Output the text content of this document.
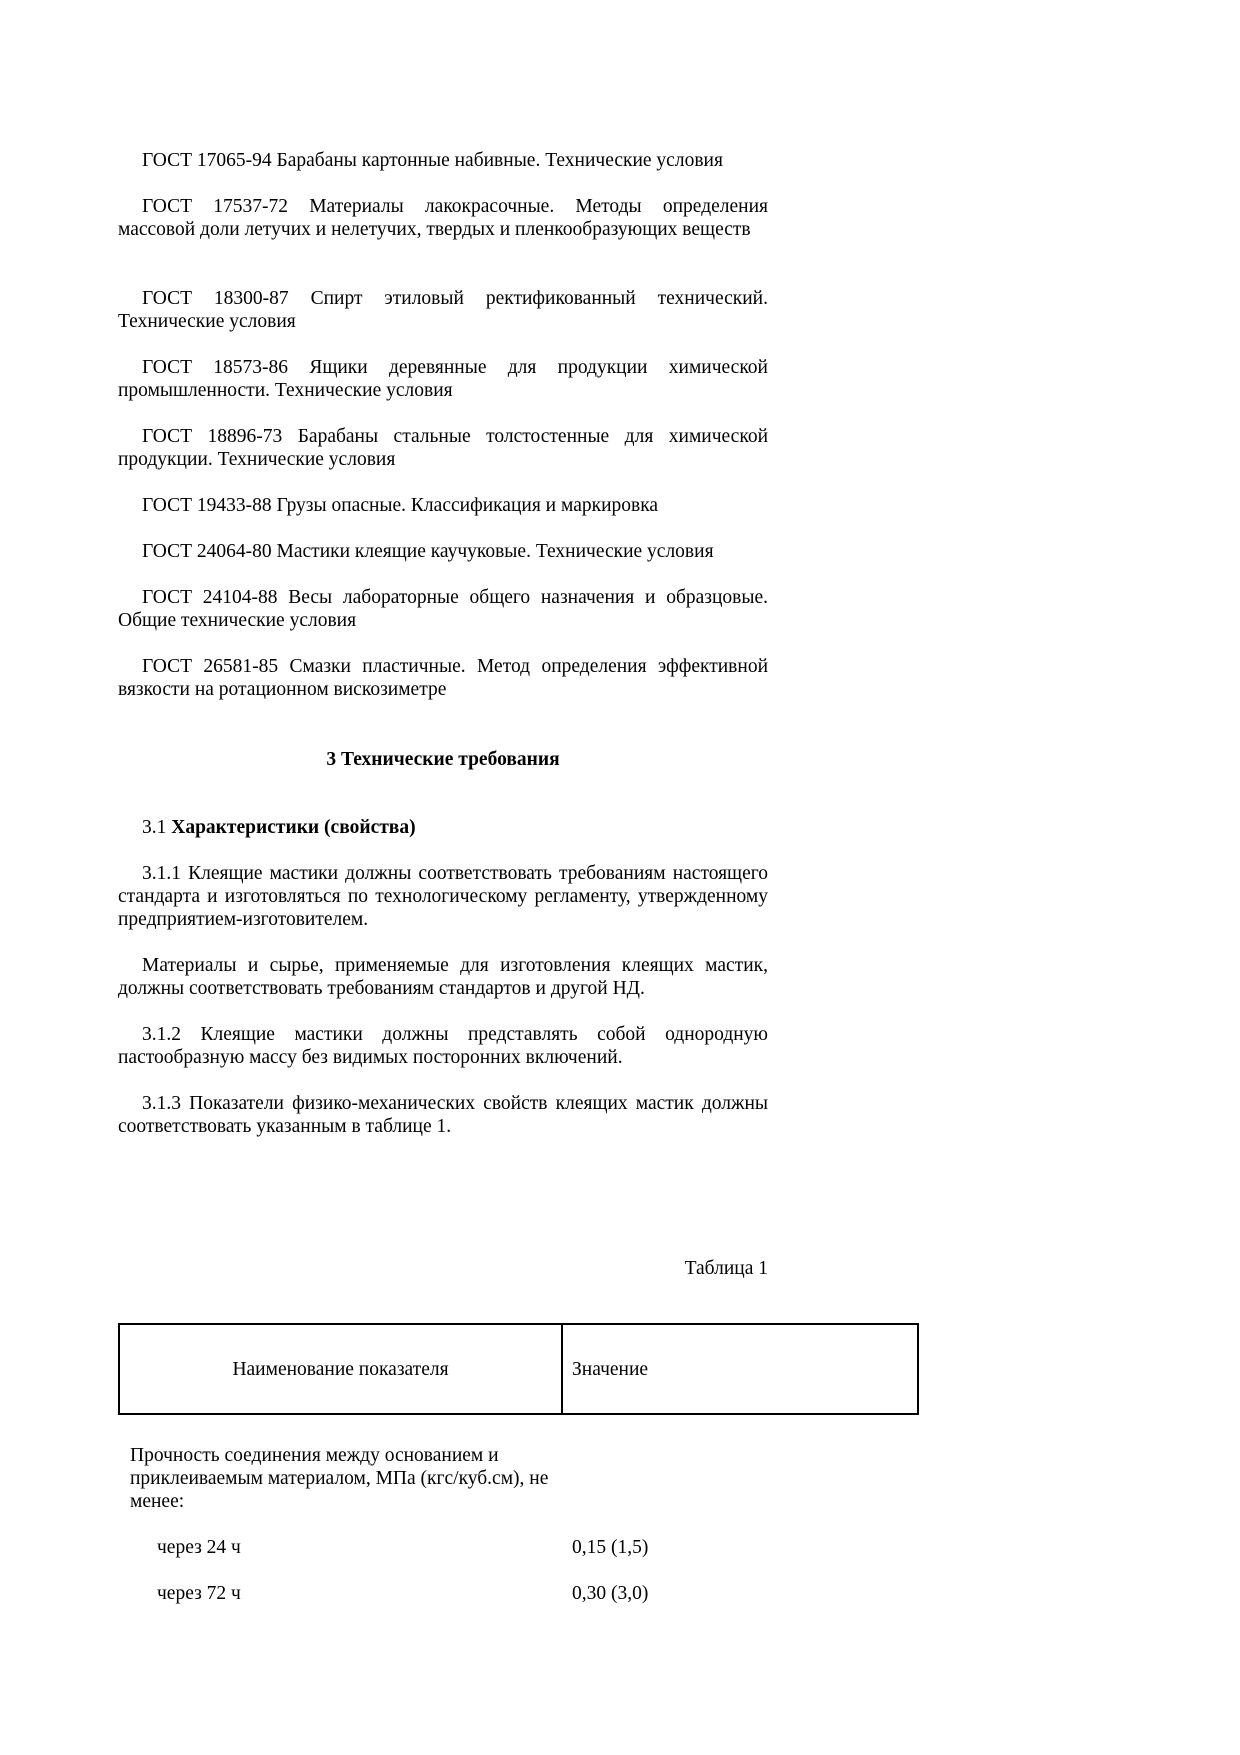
ГОСТ 17065-94 Барабаны картонные набивные. Технические условия

ГОСТ 17537-72 Материалы лакокрасочные. Методы определения массовой доли летучих и нелетучих, твердых и пленкообразующих веществ

ГОСТ 18300-87 Спирт этиловый ректификованный технический. Технические условия

ГОСТ 18573-86 Ящики деревянные для продукции химической промышленности. Технические условия

ГОСТ 18896-73 Барабаны стальные толстостенные для химической продукции. Технические условия

ГОСТ 19433-88 Грузы опасные. Классификация и маркировка

ГОСТ 24064-80 Мастики клеящие каучуковые. Технические условия

ГОСТ 24104-88 Весы лабораторные общего назначения и образцовые. Общие технические условия

ГОСТ 26581-85 Смазки пластичные. Метод определения эффективной вязкости на ротационном вискозиметре

3 Технические требования

3.1 Характеристики (свойства)

3.1.1 Клеящие мастики должны соответствовать требованиям настоящего стандарта и изготовляться по технологическому регламенту, утвержденному предприятием-изготовителем.

Материалы и сырье, применяемые для изготовления клеящих мастик, должны соответствовать требованиям стандартов и другой НД.

3.1.2 Клеящие мастики должны представлять собой однородную пастообразную массу без видимых посторонних включений.

3.1.3 Показатели физико-механических свойств клеящих мастик должны соответствовать указанным в таблице 1.

Таблица 1

Наименование показателя	Значение

Прочность соединения между основанием и приклеиваемым материалом, МПа (кгс/куб.см), не менее:

через 24 ч	0,15 (1,5)

через 72 ч	0,30 (3,0)
